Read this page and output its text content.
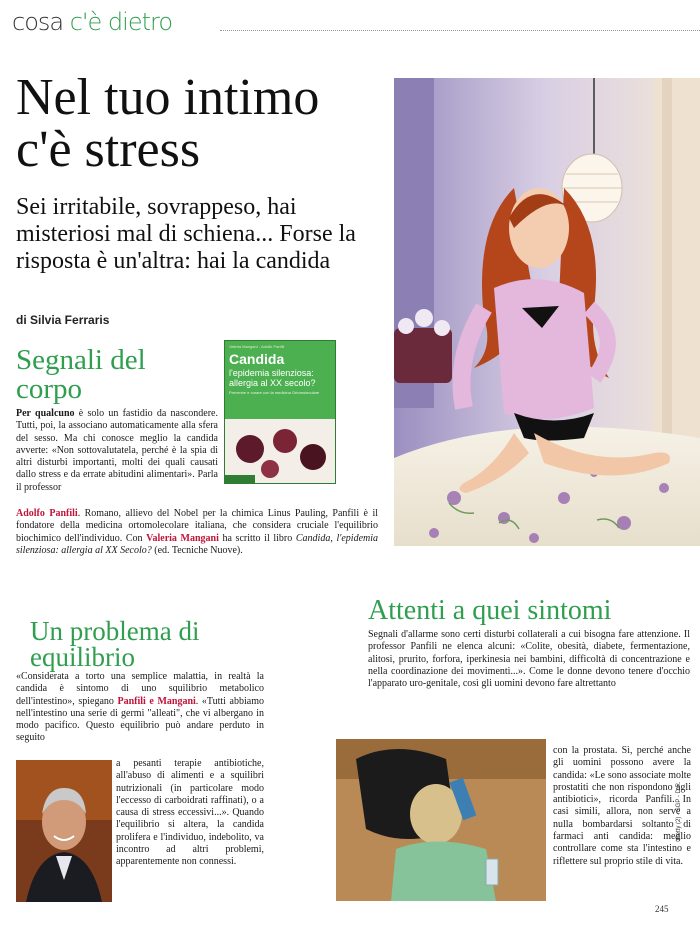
cosa c'è dietro
Nel tuo intimo c'è stress
Sei irritabile, sovrappeso, hai misteriosi mal di schiena... Forse la risposta è un'altra: hai la candida
di Silvia Ferraris
Segnali del corpo
Valeria Mangani - Adolfo Panfili
Candida
l'epidemia silenziosa: allergia al XX secolo?
Prevenire e curare con la medicina Ortomolecolare
Per qualcuno è solo un fastidio da nascondere. Tutti, poi, la associano automaticamente alla sfera del sesso. Ma chi conosce meglio la candida avverte: «Non sottovalutatela, perché è la spia di altri disturbi importanti, molti dei quali causati dallo stress e da errate abitudini alimentari». Parla il professor
Adolfo Panfili. Romano, allievo del Nobel per la chimica Linus Pauling, Panfili è il fondatore della medicina ortomolecolare italiana, che considera cruciale l'equilibrio biochimico dell'individuo. Con Valeria Mangani ha scritto il libro Candida, l'epidemia silenziosa: allergia al XX Secolo? (ed. Tecniche Nuove).
Un problema di equilibrio
«Considerata a torto una semplice malattia, in realtà la candida è sintomo di uno squilibrio metabolico dell'intestino», spiegano Panfili e Mangani. «Tutti abbiamo nell'intestino una serie di germi "alleati", che vi albergano in modo pacifico. Questo equilibrio può andare perduto in seguito
a pesanti terapie antibiotiche, all'abuso di alimenti e a squilibri nutrizionali (in particolare modo l'eccesso di carboidrati raffinati), o a causa di stress eccessivi...». Quando l'equilibrio si altera, la candida prolifera e l'individuo, indebolito, va incontro ad altri problemi, apparentemente non connessi.
Attenti a quei sintomi
Segnali d'allarme sono certi disturbi collaterali a cui bisogna fare attenzione. Il professor Panfili ne elenca alcuni: «Colite, obesità, diabete, fermentazione, alitosi, prurito, forfora, iperkinesia nei bambini, difficoltà di concentrazione e nella coordinazione dei movimenti...». Come le donne devono tenere d'occhio l'apparato uro-genitale, così gli uomini devono fare altrettanto
con la prostata. Sì, perché anche gli uomini possono avere la candida: «Le sono associate molte prostatiti che non rispondono agli antibiotici», ricorda Panfili. In casi simili, allora, non serve a nulla bombardarsi soltanto di farmaci anti candida: meglio controllare come sta l'intestino e riflettere sul proprio stile di vita.
Getty (2) - SGP - D.R.
245
